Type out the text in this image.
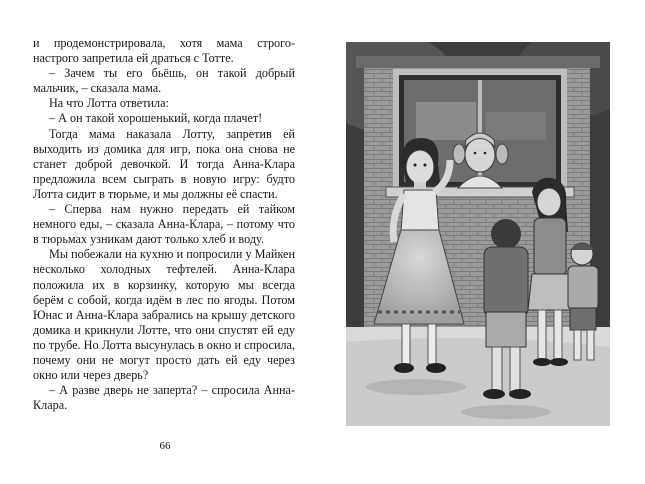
и продемонстрировала, хотя мама строго-настрого запретила ей драться с Тотте.

– Зачем ты его бьёшь, он такой добрый мальчик, – сказала мама.

На что Лотта ответила:

– А он такой хорошенький, когда плачет!

Тогда мама наказала Лотту, запретив ей выходить из домика для игр, пока она снова не станет доброй девочкой. И тогда Анна-Клара предложила всем сыграть в новую игру: будто Лотта сидит в тюрьме, и мы должны её спасти.

– Сперва нам нужно передать ей тайком немного еды, – сказала Анна-Клара, – потому что в тюрьмах узникам дают только хлеб и воду.

Мы побежали на кухню и попросили у Майкен несколько холодных тефтелей. Анна-Клара положила их в корзинку, которую мы всегда берём с собой, когда идём в лес по ягоды. Потом Юнас и Анна-Клара забрались на крышу детского домика и крикнули Лотте, что они спустят ей еду по трубе. Но Лотта высунулась в окно и спросила, почему они не могут просто дать ей еду через окно или через дверь?

– А разве дверь не заперта? – спросила Анна-Клара.

66
